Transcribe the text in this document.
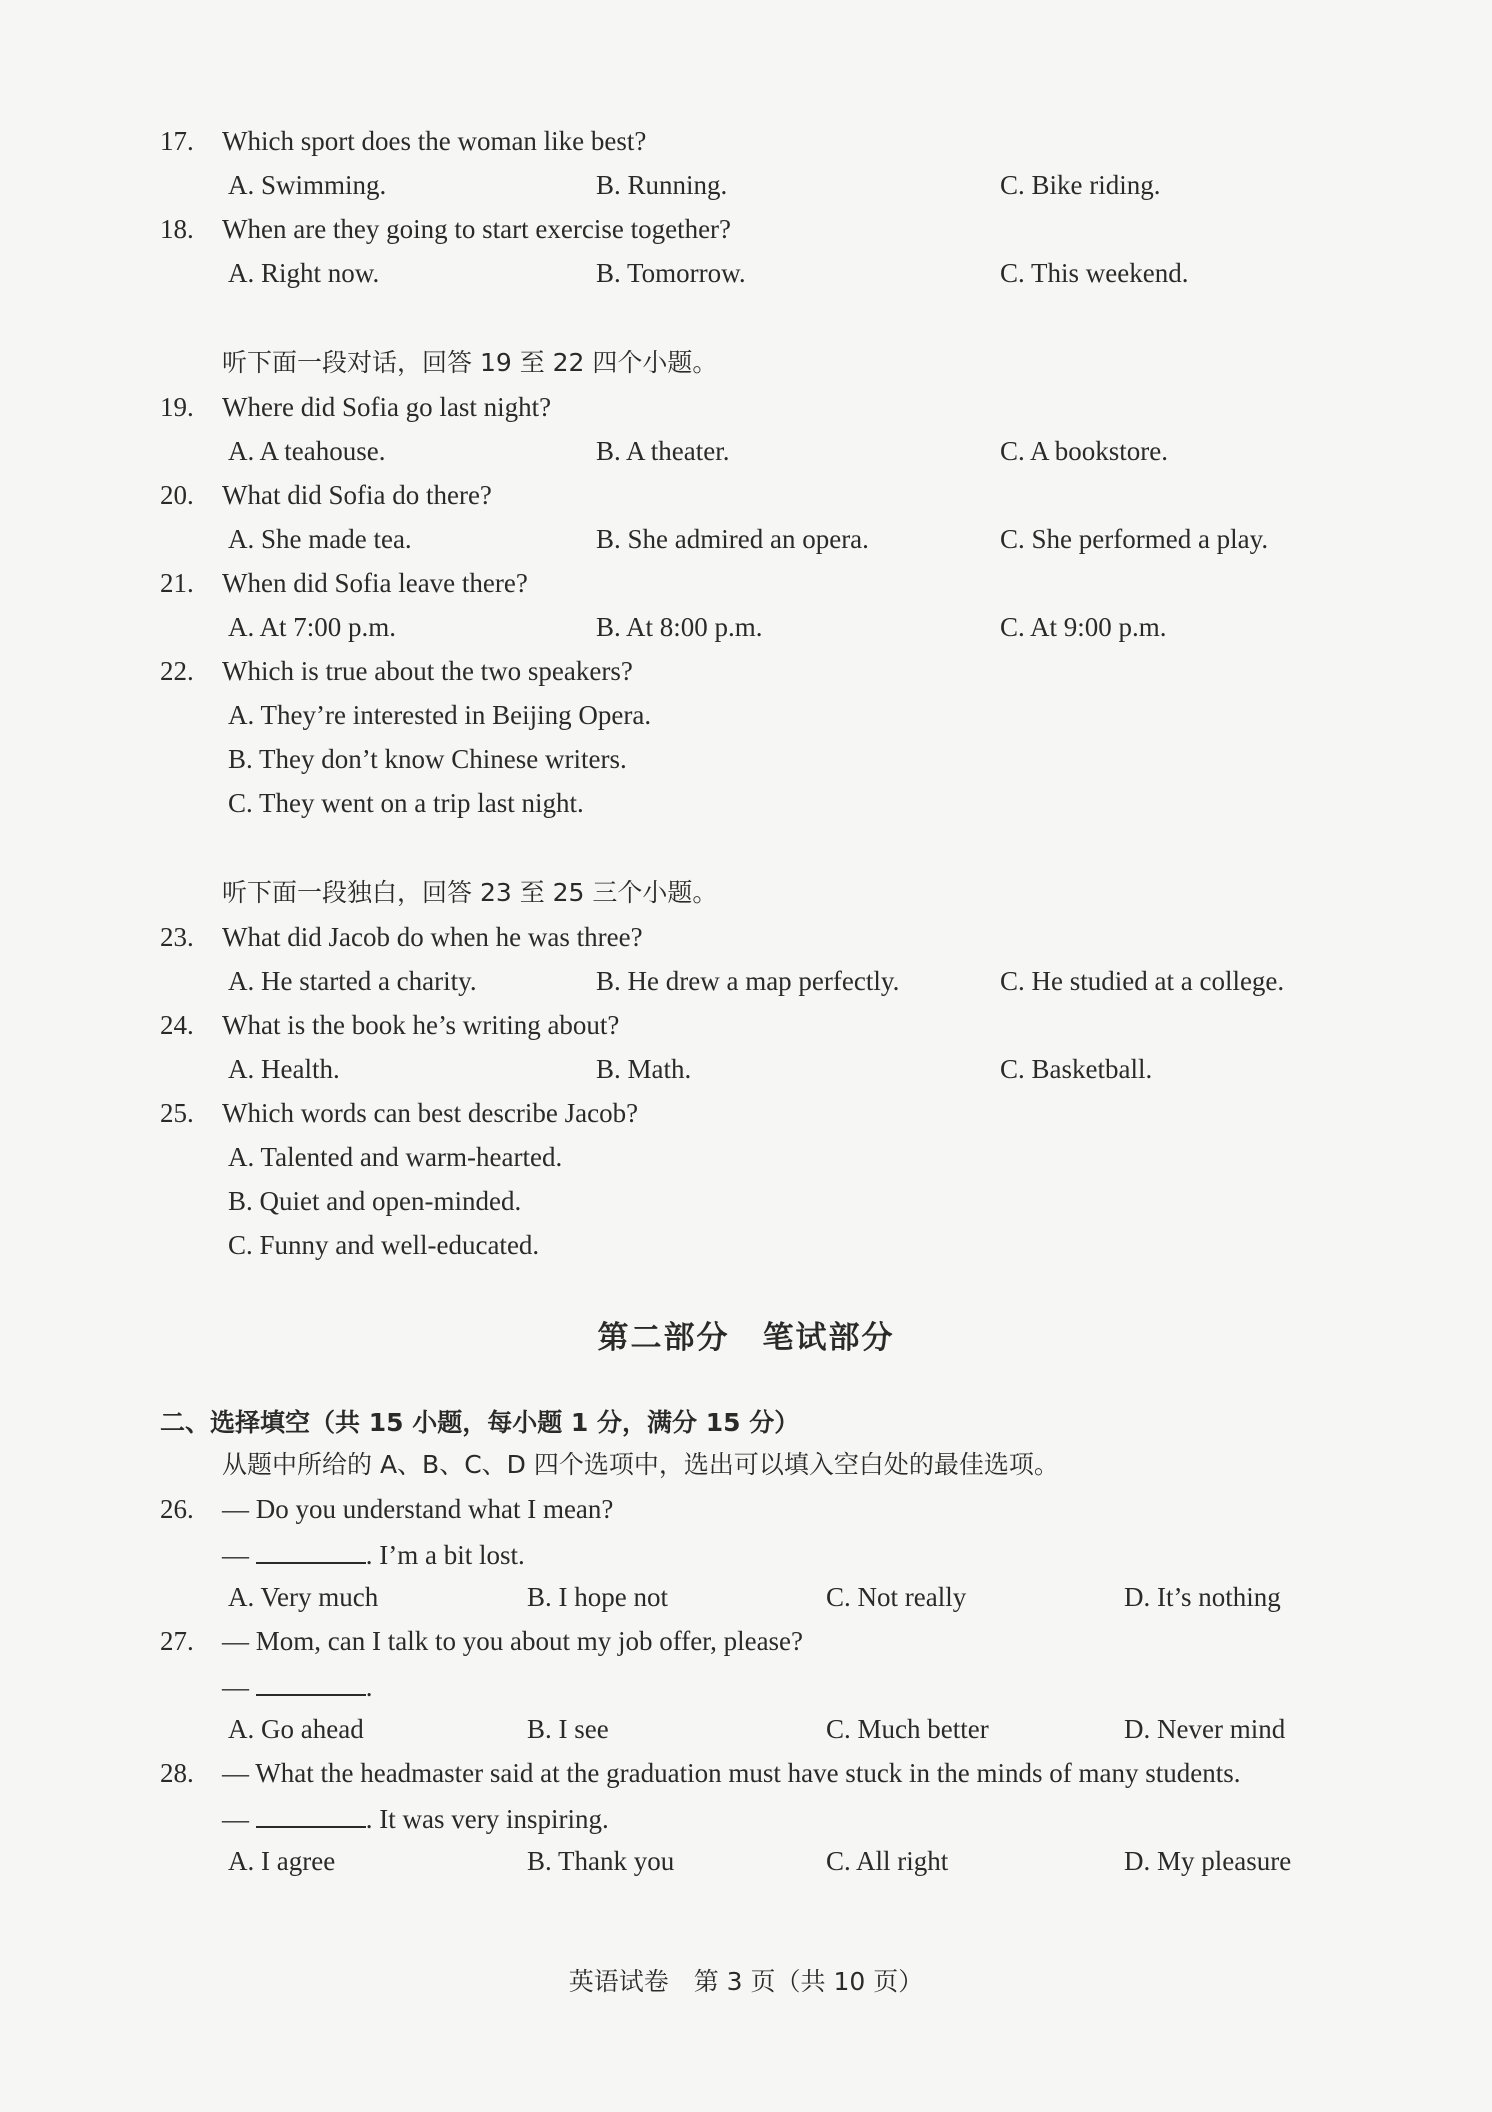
17. Which sport does the woman like best?
A. Swimming.	B. Running.	C. Bike riding.
18. When are they going to start exercise together?
A. Right now.	B. Tomorrow.	C. This weekend.
听下面一段对话，回答 19 至 22 四个小题。
19. Where did Sofia go last night?
A. A teahouse.	B. A theater.	C. A bookstore.
20. What did Sofia do there?
A. She made tea.	B. She admired an opera.	C. She performed a play.
21. When did Sofia leave there?
A. At 7:00 p.m.	B. At 8:00 p.m.	C. At 9:00 p.m.
22. Which is true about the two speakers?
A. They’re interested in Beijing Opera.
B. They don’t know Chinese writers.
C. They went on a trip last night.
听下面一段独白，回答 23 至 25 三个小题。
23. What did Jacob do when he was three?
A. He started a charity.	B. He drew a map perfectly.	C. He studied at a college.
24. What is the book he’s writing about?
A. Health.	B. Math.	C. Basketball.
25. Which words can best describe Jacob?
A. Talented and warm-hearted.
B. Quiet and open-minded.
C. Funny and well-educated.
第二部分　笔试部分
二、选择填空（共 15 小题，每小题 1 分，满分 15 分）
从题中所给的 A、B、C、D 四个选项中，选出可以填入空白处的最佳选项。
26. — Do you understand what I mean?
—	. I’m a bit lost.
A. Very much	B. I hope not	C. Not really	D. It’s nothing
27. — Mom, can I talk to you about my job offer, please?
—	.
A. Go ahead	B. I see	C. Much better	D. Never mind
28. — What the headmaster said at the graduation must have stuck in the minds of many students.
—	. It was very inspiring.
A. I agree	B. Thank you	C. All right	D. My pleasure
英语试卷　第 3 页（共 10 页）
